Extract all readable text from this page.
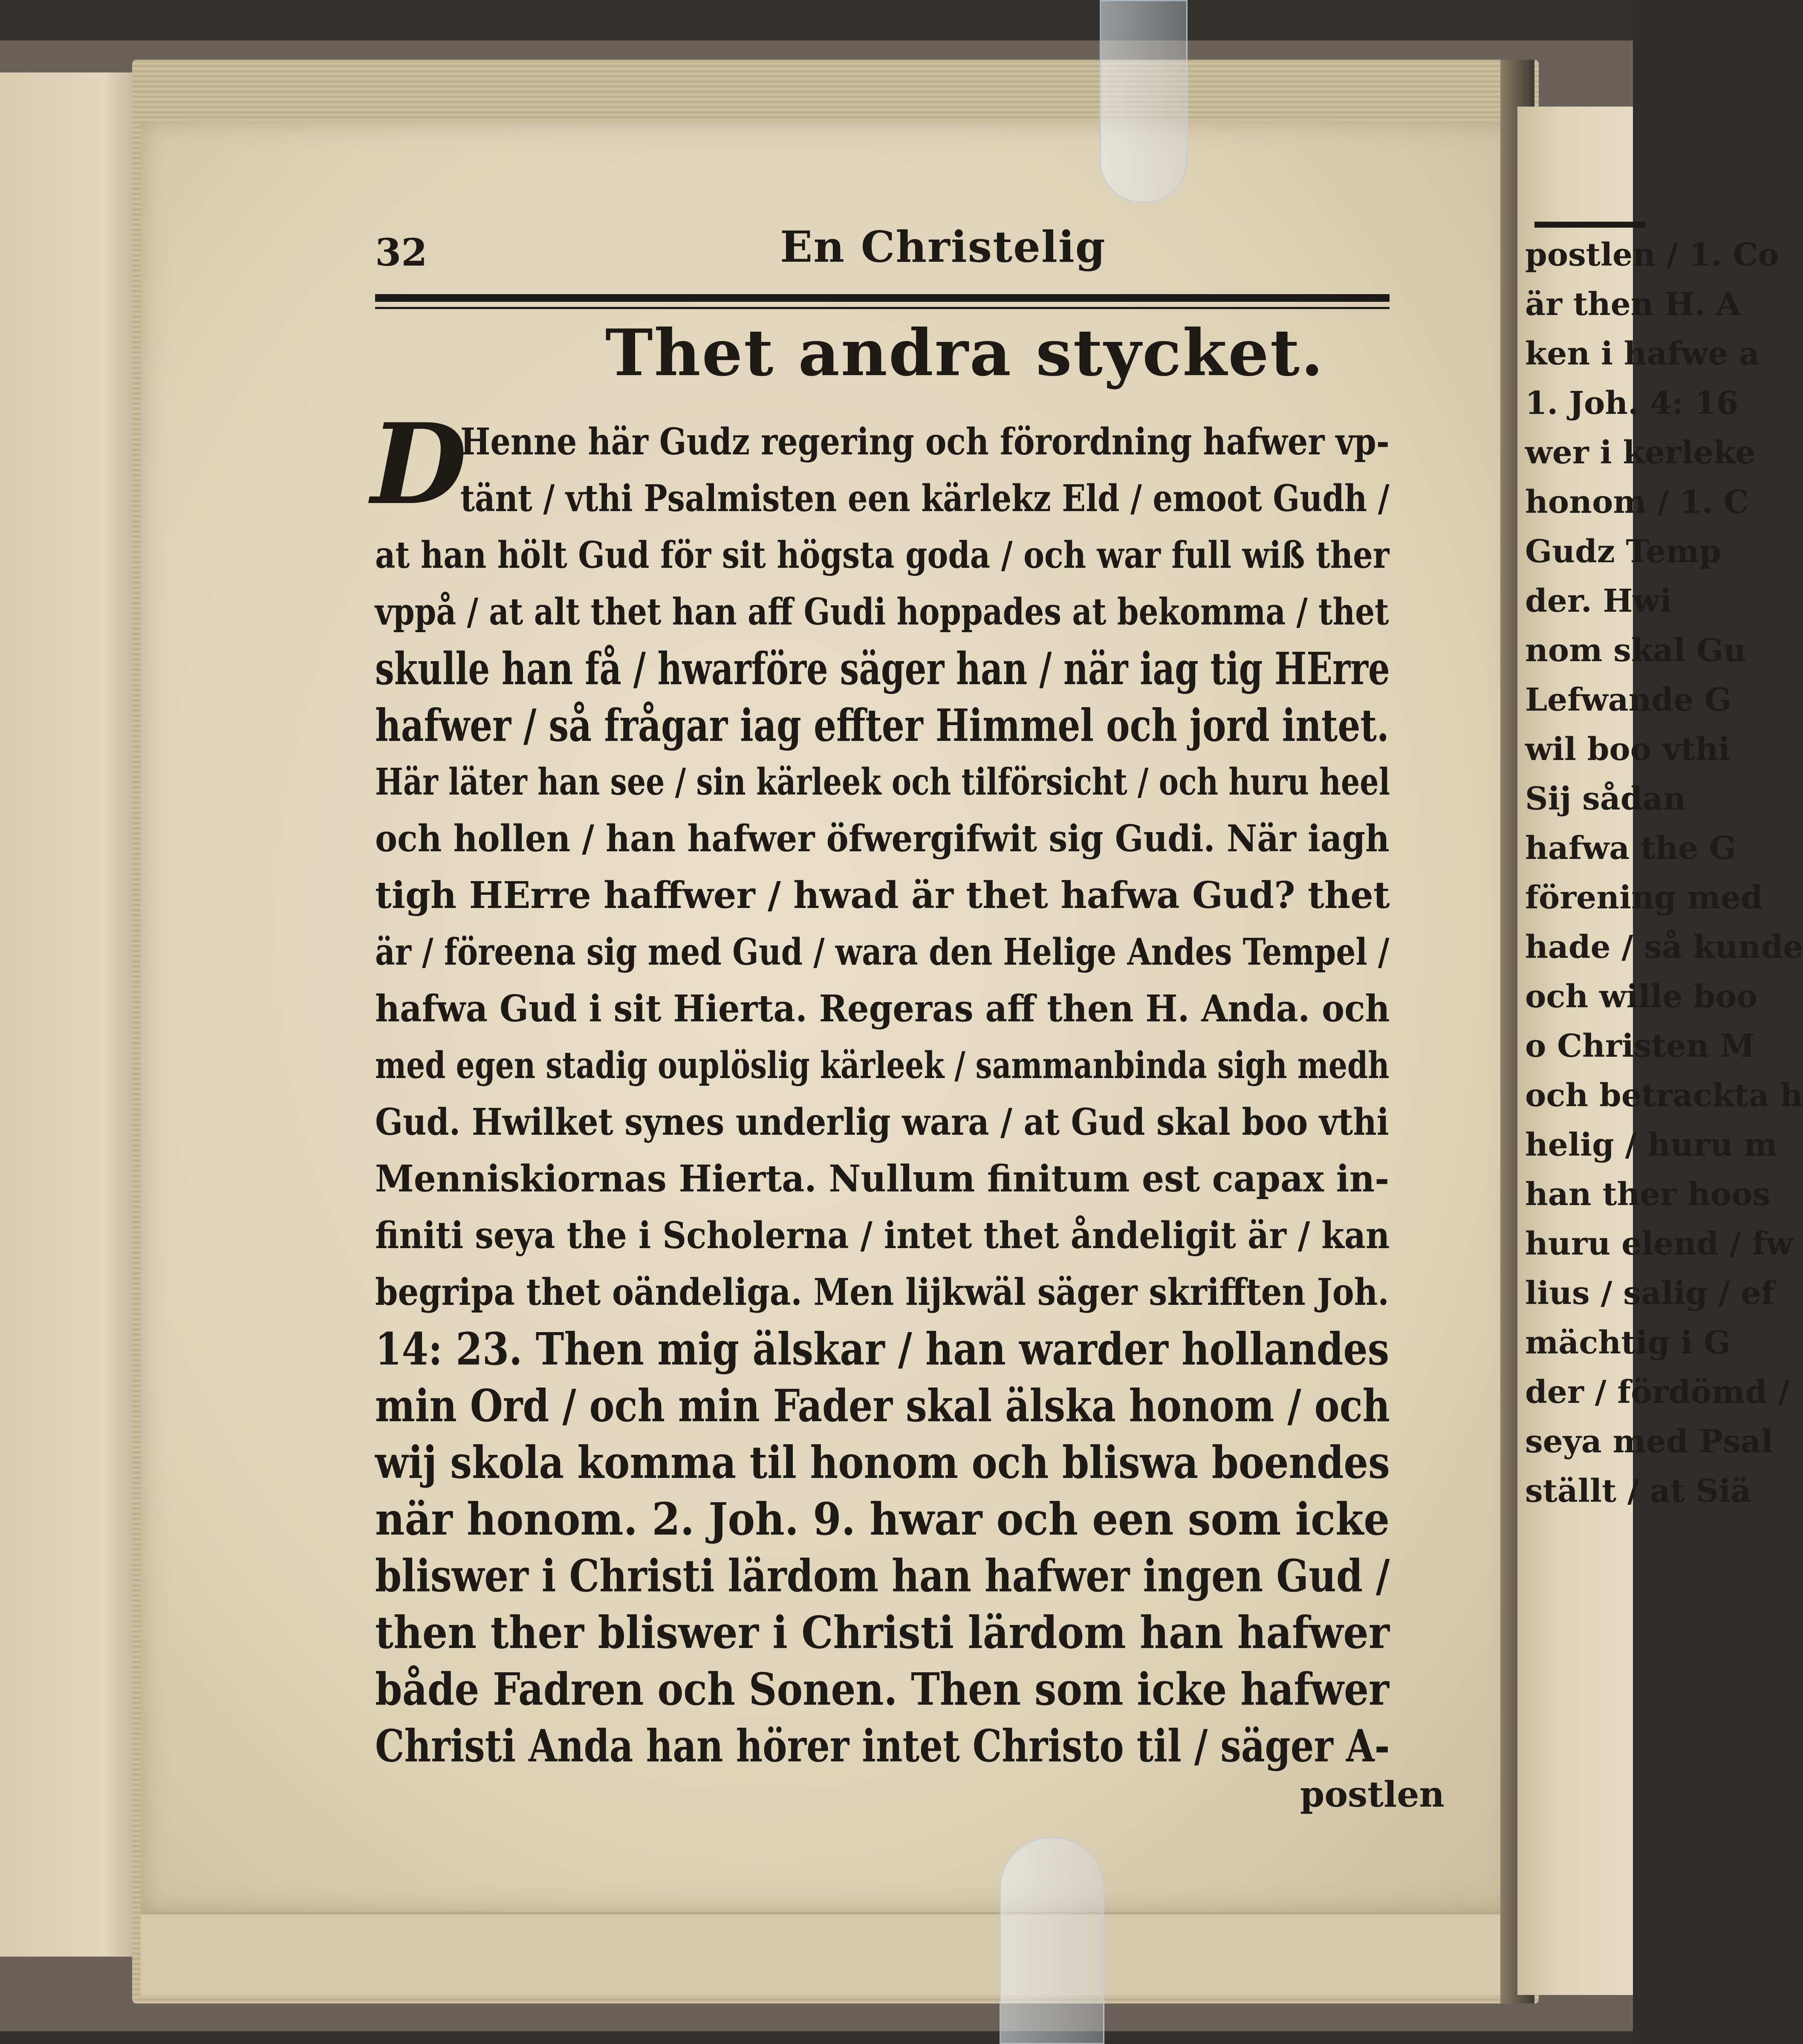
postlen / 1. Co
är then H. A
ken i hafwe a
1. Joh. 4: 16
wer i kerleke
honom / 1. C
Gudz Temp
der. Hwi
nom skal Gu
Lefwande G
wil boo vthi
Sij sådan
hafwa the G
förening med
hade / så kunde
och wille boo
o Christen M
och betrackta h
helig / huru m
han ther hoos
huru elend / fw
lius / salig / ef
mächtig i G
der / fördömd /
seya med Psal
ställt / at Siä
32	En Christelig
Thet andra stycket.
D
Henne här Gudz regering och förordning hafwer vp-
tänt / vthi Psalmisten een kärlekz Eld / emoot Gudh /
at han hölt Gud för sit högsta goda / och war full wiß ther
vppå / at alt thet han aff Gudi hoppades at bekomma / thet
skulle han få / hwarföre säger han / när iag tig HErre
hafwer / så frågar iag effter Himmel och jord intet.
Här läter han see / sin kärleek och tilförsicht / och huru heel
och hollen / han hafwer öfwergifwit sig Gudi. När iagh
tigh HErre haffwer / hwad är thet hafwa Gud? thet
är / föreena sig med Gud / wara den Helige Andes Tempel /
hafwa Gud i sit Hierta. Regeras aff then H. Anda. och
med egen stadig ouplöslig kärleek / sammanbinda sigh medh
Gud. Hwilket synes underlig wara / at Gud skal boo vthi
Menniskiornas Hierta. Nullum finitum est capax in-
finiti seya the i Scholerna / intet thet åndeligit är / kan
begripa thet oändeliga. Men lijkwäl säger skrifften Joh.
14: 23. Then mig älskar / han warder hollandes
min Ord / och min Fader skal älska honom / och
wij skola komma til honom och bliswa boendes
när honom. 2. Joh. 9. hwar och een som icke
bliswer i Christi lärdom han hafwer ingen Gud /
then ther bliswer i Christi lärdom han hafwer
både Fadren och Sonen. Then som icke hafwer
Christi Anda han hörer intet Christo til / säger A-
postlen
